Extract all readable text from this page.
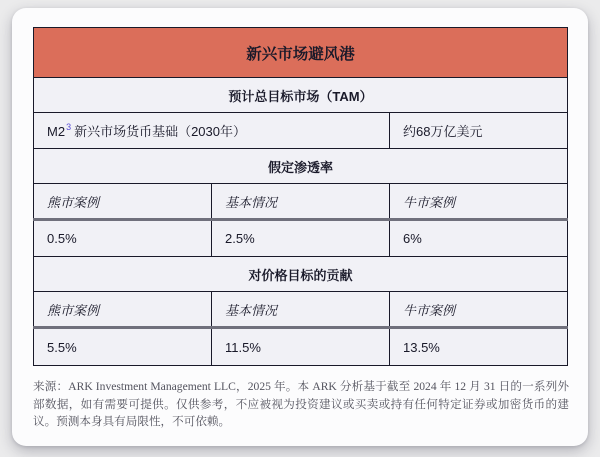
新兴市场避风港		
预计总目标市场（TAM）		
M2$^3$ 新兴市场货币基础（2030年）		约68万亿美元
假定渗透率		
熊市案例	基本情况	牛市案例
0.5%	2.5%	6%
对价格目标的贡献		
熊市案例	基本情况	牛市案例
5.5%	11.5%	13.5%

来源：ARK Investment Management LLC，2025 年。本 ARK 分析基于截至 2024 年 12 月 31 日的一系列外部数据，如有需要可提供。仅供参考，不应被视为投资建议或买卖或持有任何特定证券或加密货币的建议。预测本身具有局限性，不可依赖。
